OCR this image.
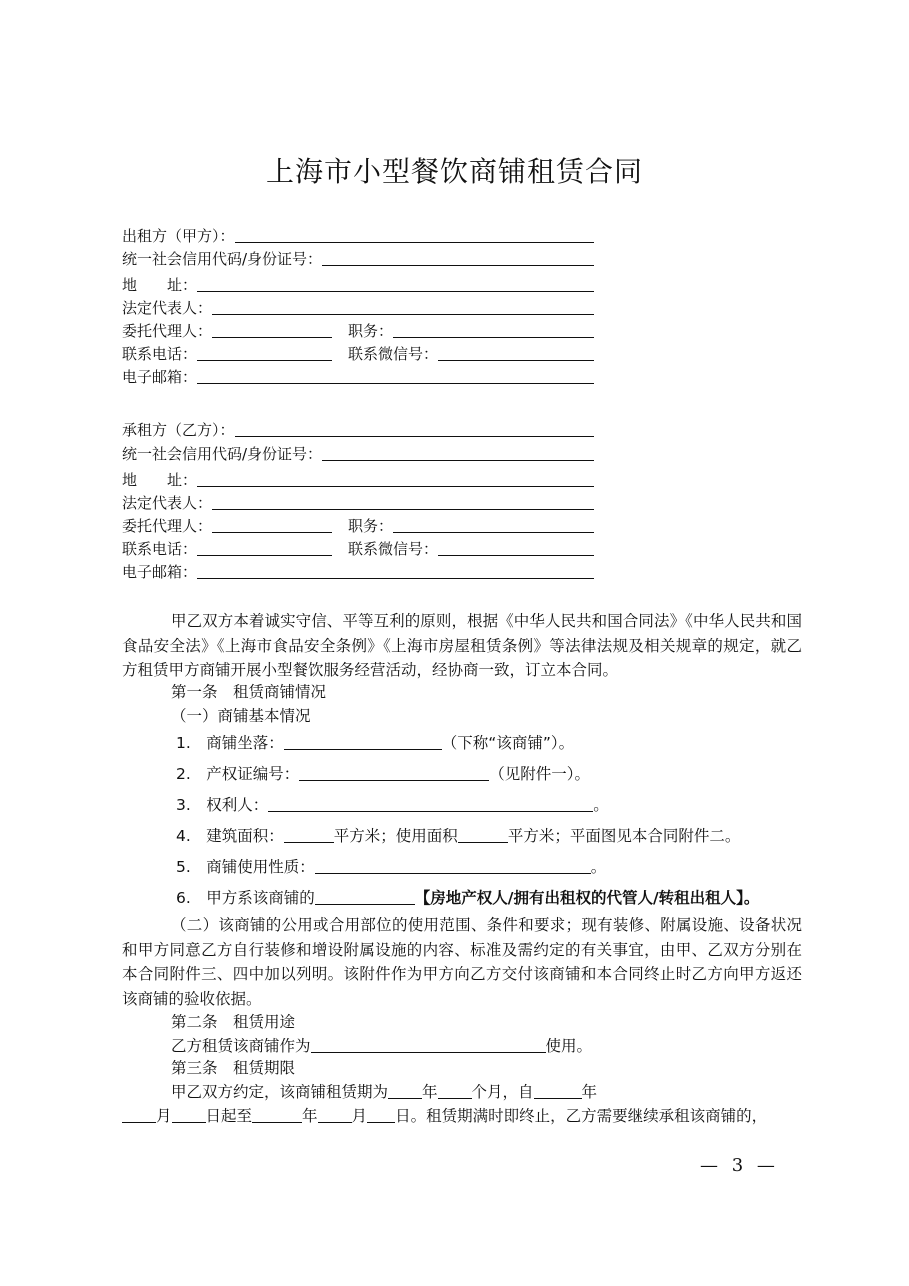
上海市小型餐饮商铺租赁合同
出租方（甲方）：
统一社会信用代码/身份证号：
地　　址：
法定代表人：
委托代理人：	职务：
联系电话：	联系微信号：
电子邮箱：
承租方（乙方）：
统一社会信用代码/身份证号：
地　　址：
法定代表人：
委托代理人：	职务：
联系电话：	联系微信号：
电子邮箱：

甲乙双方本着诚实守信、平等互利的原则，根据《中华人民共和国合同法》《中华人民共和国食品安全法》《上海市食品安全条例》《上海市房屋租赁条例》等法律法规及相关规章的规定，就乙方租赁甲方商铺开展小型餐饮服务经营活动，经协商一致，订立本合同。

第一条　租赁商铺情况
（一）商铺基本情况
1.　商铺坐落：	（下称“该商铺”）。
2.　产权证编号：	（见附件一）。
3.　权利人：	。
4.　建筑面积：	平方米；使用面积	平方米；平面图见本合同附件二。
5.　商铺使用性质：	。
6.　甲方系该商铺的	【房地产权人/拥有出租权的代管人/转租出租人】。

（二）该商铺的公用或合用部位的使用范围、条件和要求；现有装修、附属设施、设备状况和甲方同意乙方自行装修和增设附属设施的内容、标准及需约定的有关事宜，由甲、乙双方分别在本合同附件三、四中加以列明。该附件作为甲方向乙方交付该商铺和本合同终止时乙方向甲方返还该商铺的验收依据。

第二条　租赁用途
乙方租赁该商铺作为	使用。
第三条　租赁期限
甲乙双方约定，该商铺租赁期为 年 个月，自	年
月 日起至	年 月 日。租赁期满时即终止，乙方需要继续承租该商铺的，
— 3 —
